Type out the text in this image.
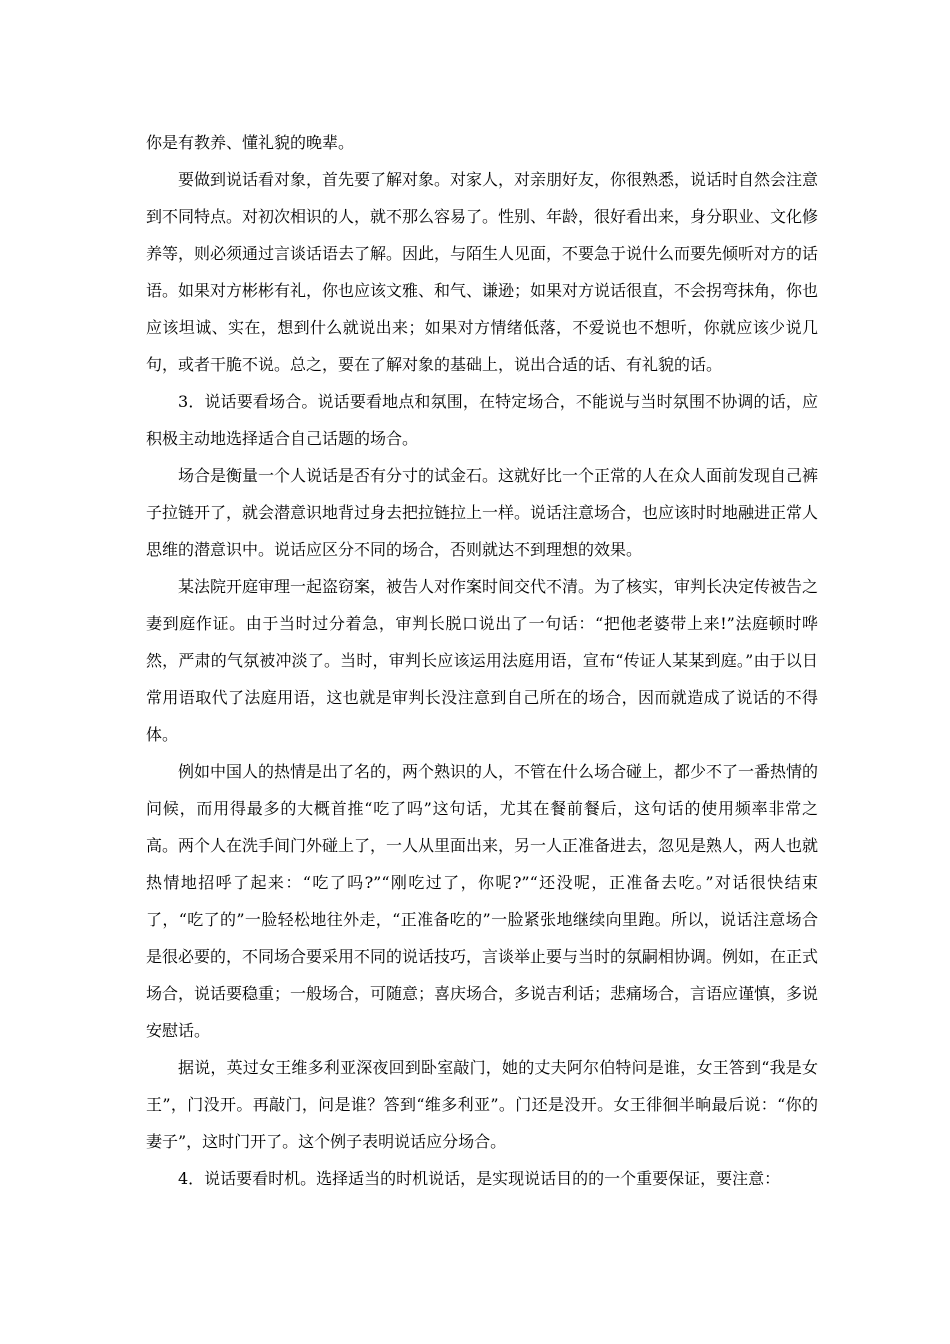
你是有教养、懂礼貌的晚辈。

要做到说话看对象，首先要了解对象。对家人，对亲朋好友，你很熟悉，说话时自然会注意到不同特点。对初次相识的人，就不那么容易了。性别、年龄，很好看出来，身分职业、文化修养等，则必须通过言谈话语去了解。因此，与陌生人见面，不要急于说什么而要先倾听对方的话语。如果对方彬彬有礼，你也应该文雅、和气、谦逊；如果对方说话很直，不会拐弯抹角，你也应该坦诚、实在，想到什么就说出来；如果对方情绪低落，不爱说也不想听，你就应该少说几句，或者干脆不说。总之，要在了解对象的基础上，说出合适的话、有礼貌的话。

3．说话要看场合。说话要看地点和氛围，在特定场合，不能说与当时氛围不协调的话，应积极主动地选择适合自己话题的场合。

场合是衡量一个人说话是否有分寸的试金石。这就好比一个正常的人在众人面前发现自己裤子拉链开了，就会潜意识地背过身去把拉链拉上一样。说话注意场合，也应该时时地融进正常人思维的潜意识中。说话应区分不同的场合，否则就达不到理想的效果。

某法院开庭审理一起盗窃案，被告人对作案时间交代不清。为了核实，审判长决定传被告之妻到庭作证。由于当时过分着急，审判长脱口说出了一句话：“把他老婆带上来!”法庭顿时哗然，严肃的气氛被冲淡了。当时，审判长应该运用法庭用语，宣布“传证人某某到庭。”由于以日常用语取代了法庭用语，这也就是审判长没注意到自己所在的场合，因而就造成了说话的不得体。

例如中国人的热情是出了名的，两个熟识的人，不管在什么场合碰上，都少不了一番热情的问候，而用得最多的大概首推“吃了吗”这句话，尤其在餐前餐后，这句话的使用频率非常之高。两个人在洗手间门外碰上了，一人从里面出来，另一人正准备进去，忽见是熟人，两人也就热情地招呼了起来：“吃了吗?”“刚吃过了，你呢?”“还没呢，正准备去吃。”对话很快结束了，“吃了的”一脸轻松地往外走，“正准备吃的”一脸紧张地继续向里跑。所以，说话注意场合是很必要的，不同场合要采用不同的说话技巧，言谈举止要与当时的氛嗣相协调。例如，在正式场合，说话要稳重；一般场合，可随意；喜庆场合，多说吉利话；悲痛场合，言语应谨慎，多说安慰话。

据说，英过女王维多利亚深夜回到卧室敲门，她的丈夫阿尔伯特问是谁，女王答到“我是女王”，门没开。再敲门，问是谁？答到“维多利亚”。门还是没开。女王徘徊半晌最后说：“你的妻子”，这时门开了。这个例子表明说话应分场合。

4．说话要看时机。选择适当的时机说话，是实现说话目的的一个重要保证，要注意：
